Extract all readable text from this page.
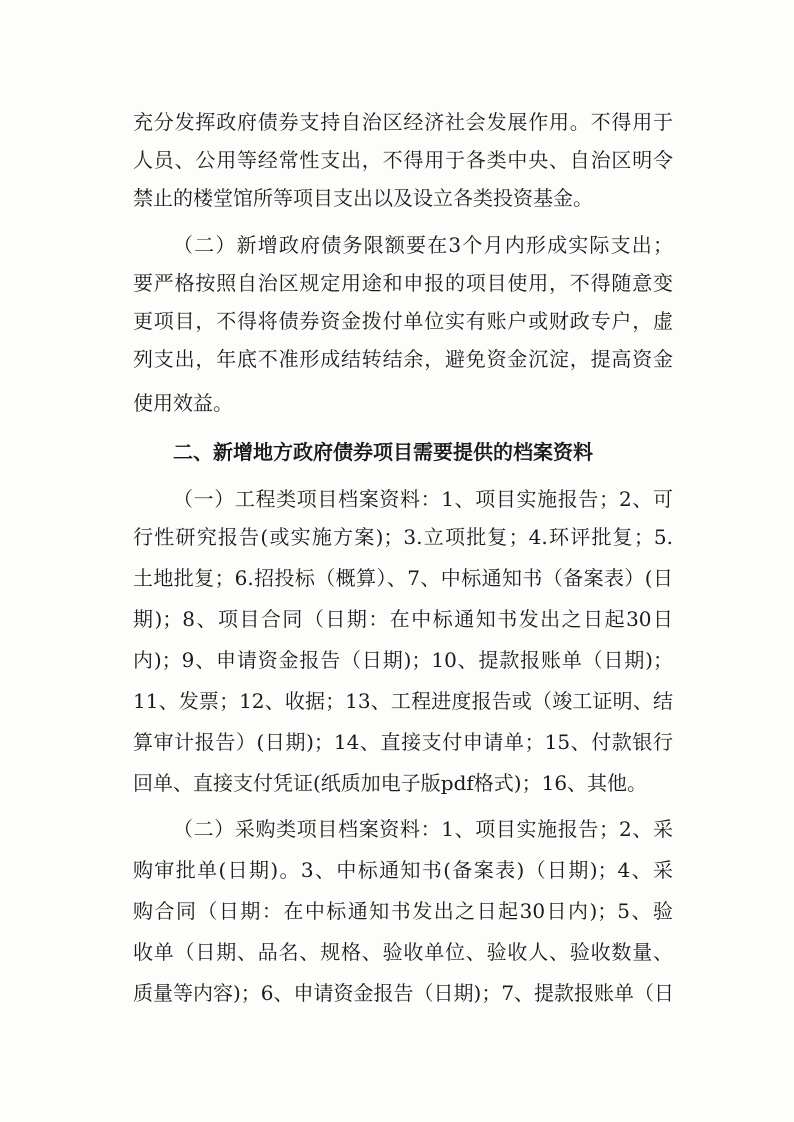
充分发挥政府债券支持自治区经济社会发展作用。不得用于
人员、公用等经常性支出，不得用于各类中央、自治区明令
禁止的楼堂馆所等项目支出以及设立各类投资基金。
（二）新增政府债务限额要在3个月内形成实际支出；
要严格按照自治区规定用途和申报的项目使用，不得随意变
更项目，不得将债券资金拨付单位实有账户或财政专户，虚
列支出，年底不准形成结转结余，避免资金沉淀，提高资金
使用效益。
二、新增地方政府债券项目需要提供的档案资料
（一）工程类项目档案资料：1、项目实施报告；2、可
行性研究报告(或实施方案)；3.立项批复；4.环评批复；5.
土地批复；6.招投标（概算）、7、中标通知书（备案表）(日
期)；8、项目合同（日期：在中标通知书发出之日起30日
内)；9、申请资金报告（日期)；10、提款报账单（日期)；
11、发票；12、收据；13、工程进度报告或（竣工证明、结
算审计报告）(日期)；14、直接支付申请单；15、付款银行
回单、直接支付凭证(纸质加电子版pdf格式)；16、其他。
（二）采购类项目档案资料：1、项目实施报告；2、采
购审批单(日期)。3、中标通知书(备案表)（日期)；4、采
购合同（日期：在中标通知书发出之日起30日内)；5、验
收单（日期、品名、规格、验收单位、验收人、验收数量、
质量等内容)；6、申请资金报告（日期)；7、提款报账单（日
